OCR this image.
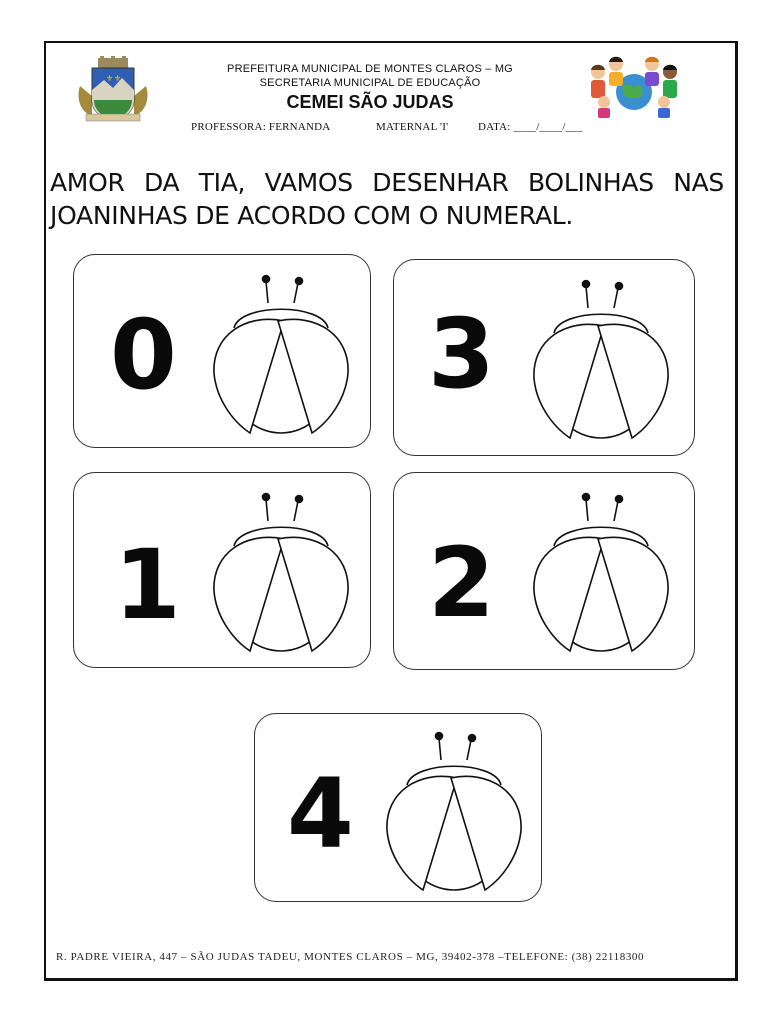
⚜ ⚜
PREFEITURA MUNICIPAL DE MONTES CLAROS – MG
SECRETARIA MUNICIPAL DE EDUCAÇÃO
CEMEI SÃO JUDAS
PROFESSORA: FERNANDA	MATERNAL 'I'	DATA: ____/____/___
AMOR DA TIA, VAMOS DESENHAR BOLINHAS NAS JOANINHAS DE ACORDO COM O NUMERAL.
0	3
1	2
4
R. PADRE VIEIRA, 447 – SÃO JUDAS TADEU, MONTES CLAROS – MG, 39402-378 –TELEFONE: (38) 22118300
